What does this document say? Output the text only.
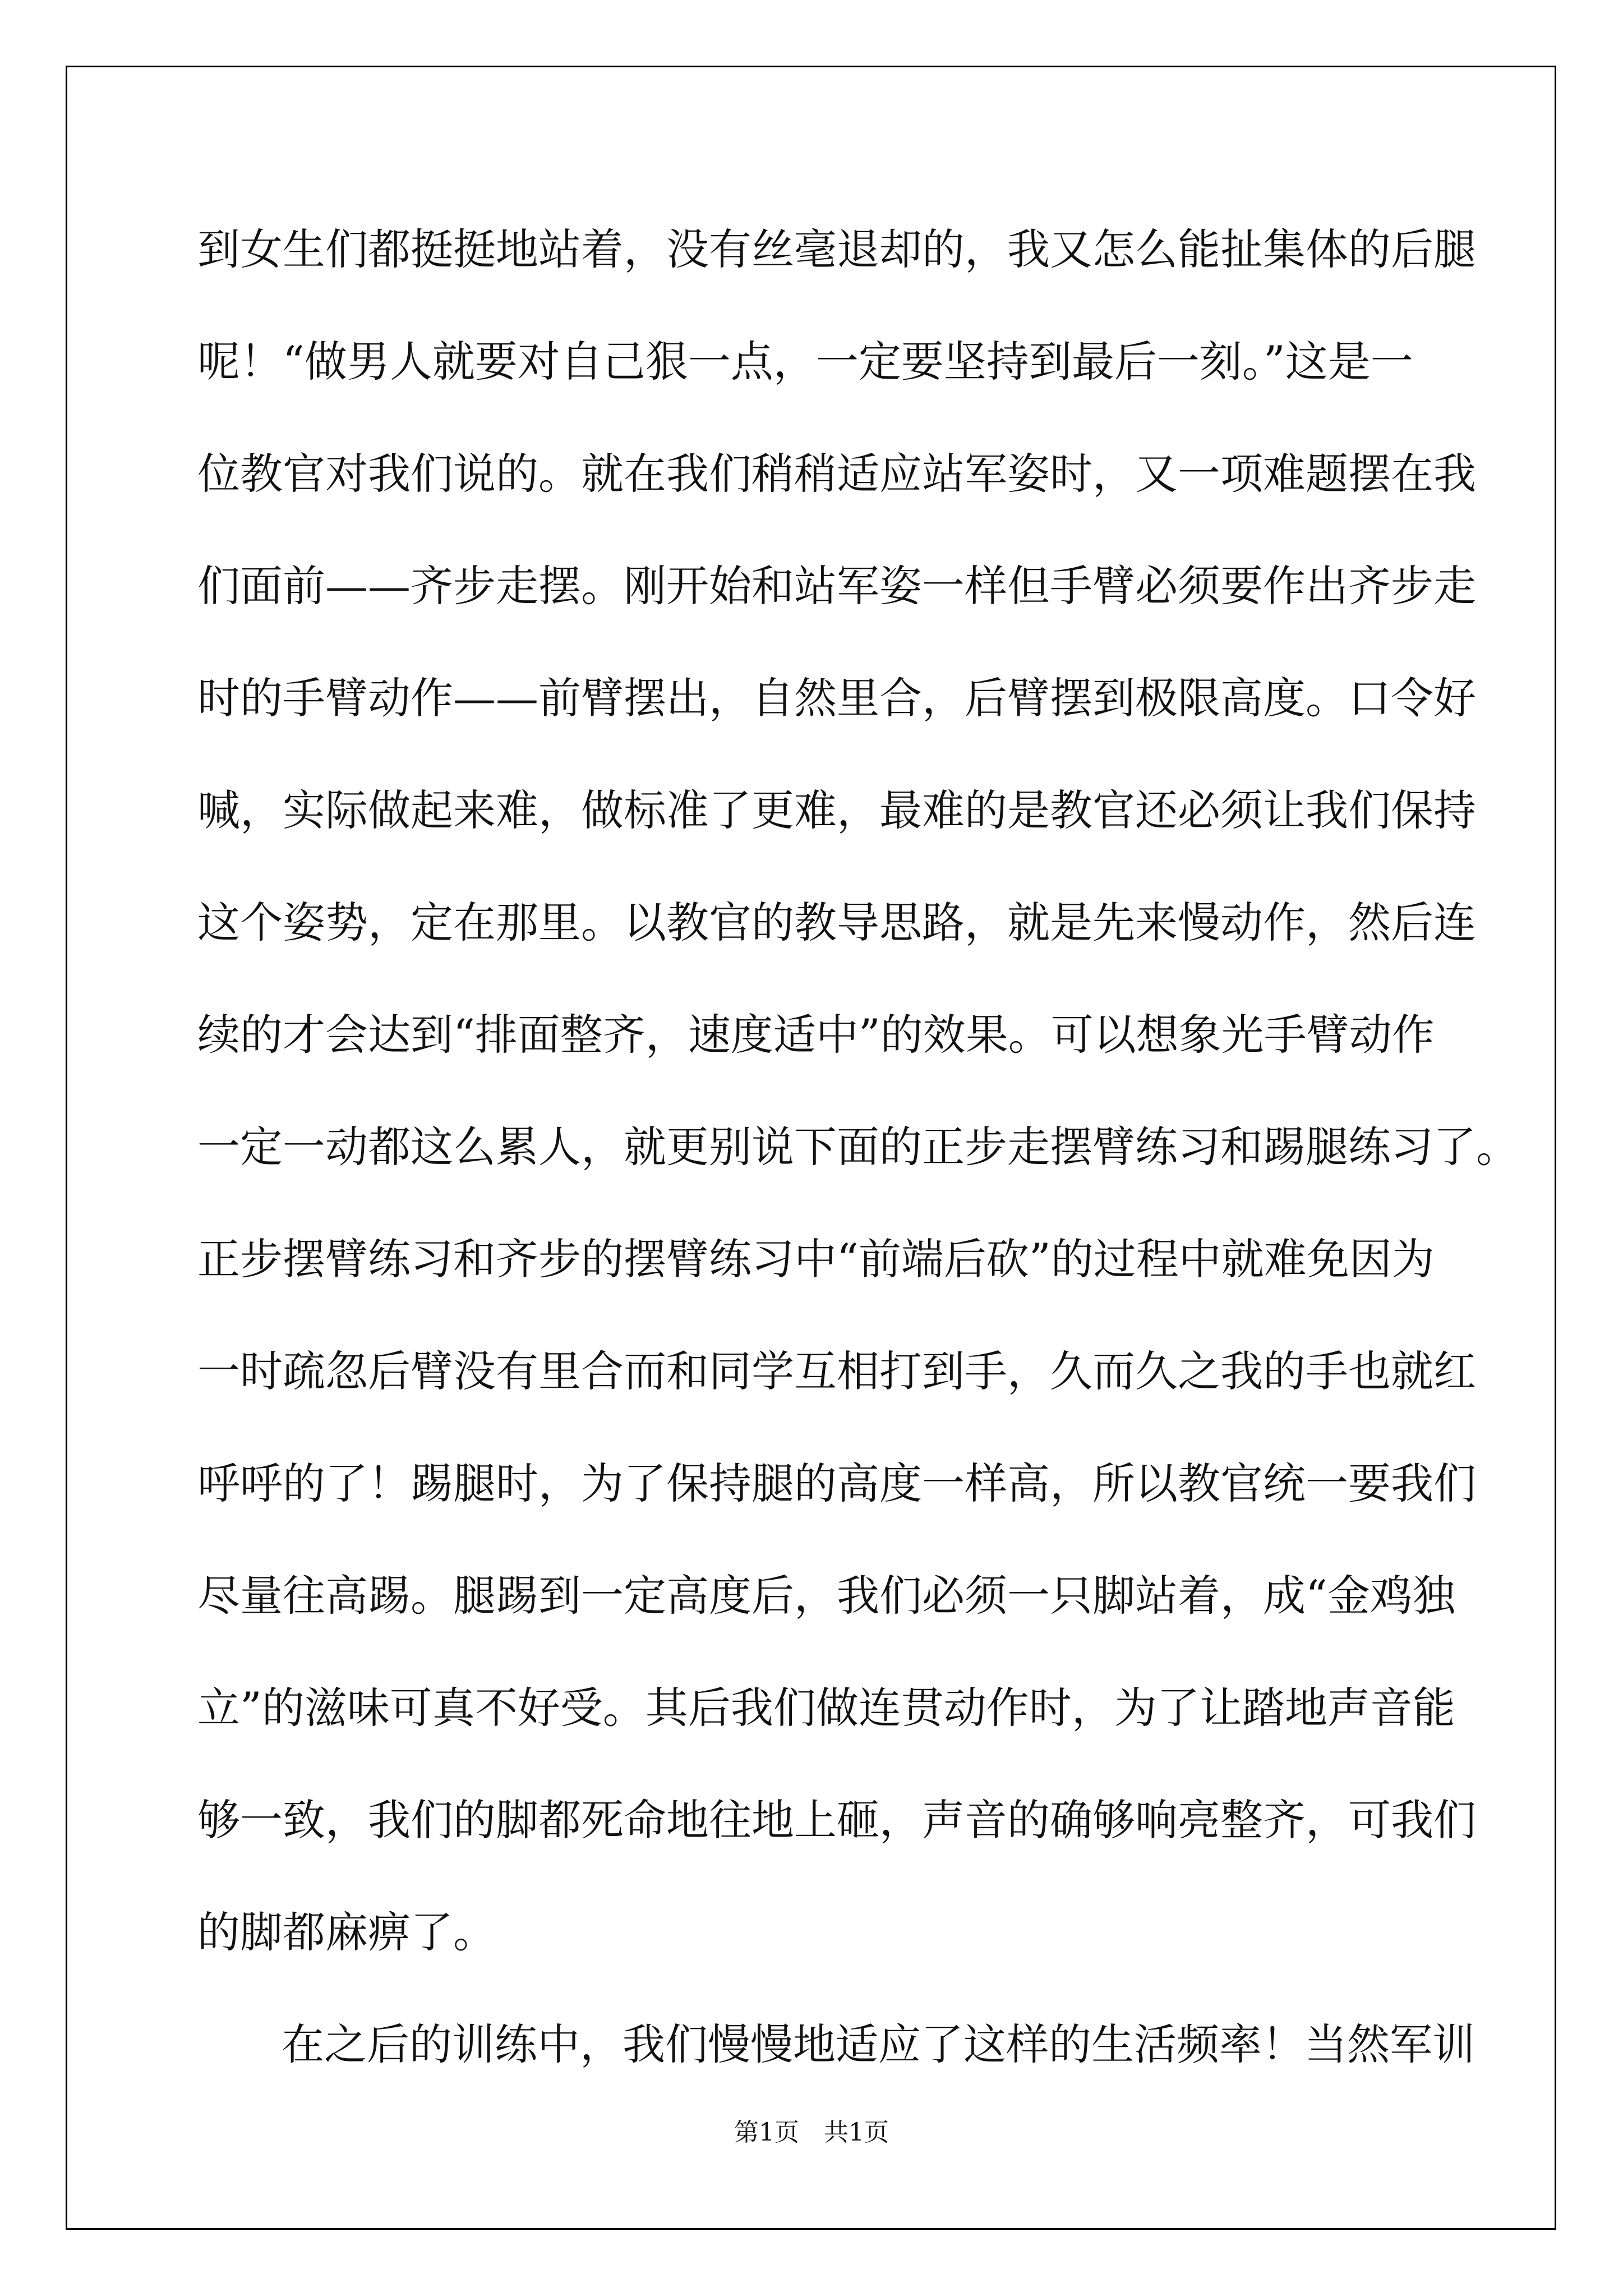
到女生们都挺挺地站着，没有丝毫退却的，我又怎么能扯集体的后腿
呢！“做男人就要对自己狠一点，一定要坚持到最后一刻。”这是一
位教官对我们说的。就在我们稍稍适应站军姿时，又一项难题摆在我
们面前——齐步走摆。刚开始和站军姿一样但手臂必须要作出齐步走
时的手臂动作——前臂摆出，自然里合，后臂摆到极限高度。口令好
喊，实际做起来难，做标准了更难，最难的是教官还必须让我们保持
这个姿势，定在那里。以教官的教导思路，就是先来慢动作，然后连
续的才会达到“排面整齐，速度适中”的效果。可以想象光手臂动作
一定一动都这么累人，就更别说下面的正步走摆臂练习和踢腿练习了。
正步摆臂练习和齐步的摆臂练习中“前端后砍”的过程中就难免因为
一时疏忽后臂没有里合而和同学互相打到手，久而久之我的手也就红
呼呼的了！踢腿时，为了保持腿的高度一样高，所以教官统一要我们
尽量往高踢。腿踢到一定高度后，我们必须一只脚站着，成“金鸡独
立”的滋味可真不好受。其后我们做连贯动作时，为了让踏地声音能
够一致，我们的脚都死命地往地上砸，声音的确够响亮整齐，可我们
的脚都麻痹了。
在之后的训练中，我们慢慢地适应了这样的生活频率！当然军训
第1页　共1页
